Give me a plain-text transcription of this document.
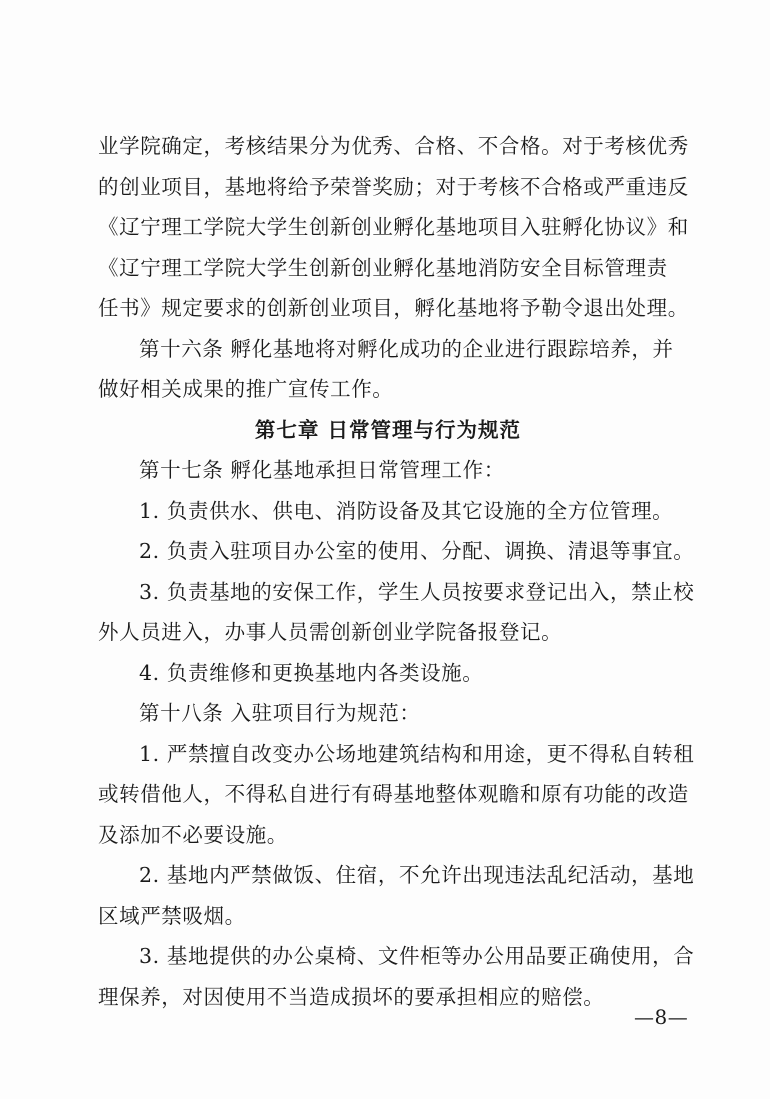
业学院确定，考核结果分为优秀、合格、不合格。对于考核优秀
的创业项目，基地将给予荣誉奖励；对于考核不合格或严重违反
《辽宁理工学院大学生创新创业孵化基地项目入驻孵化协议》和
《辽宁理工学院大学生创新创业孵化基地消防安全目标管理责
任书》规定要求的创新创业项目，孵化基地将予勒令退出处理。
第十六条 孵化基地将对孵化成功的企业进行跟踪培养，并
做好相关成果的推广宣传工作。
第七章 日常管理与行为规范
第十七条 孵化基地承担日常管理工作：
1. 负责供水、供电、消防设备及其它设施的全方位管理。
2. 负责入驻项目办公室的使用、分配、调换、清退等事宜。
3. 负责基地的安保工作，学生人员按要求登记出入，禁止校
外人员进入，办事人员需创新创业学院备报登记。
4. 负责维修和更换基地内各类设施。
第十八条 入驻项目行为规范：
1. 严禁擅自改变办公场地建筑结构和用途，更不得私自转租
或转借他人，不得私自进行有碍基地整体观瞻和原有功能的改造
及添加不必要设施。
2. 基地内严禁做饭、住宿，不允许出现违法乱纪活动，基地
区域严禁吸烟。
3. 基地提供的办公桌椅、文件柜等办公用品要正确使用，合
理保养，对因使用不当造成损坏的要承担相应的赔偿。
—8—
